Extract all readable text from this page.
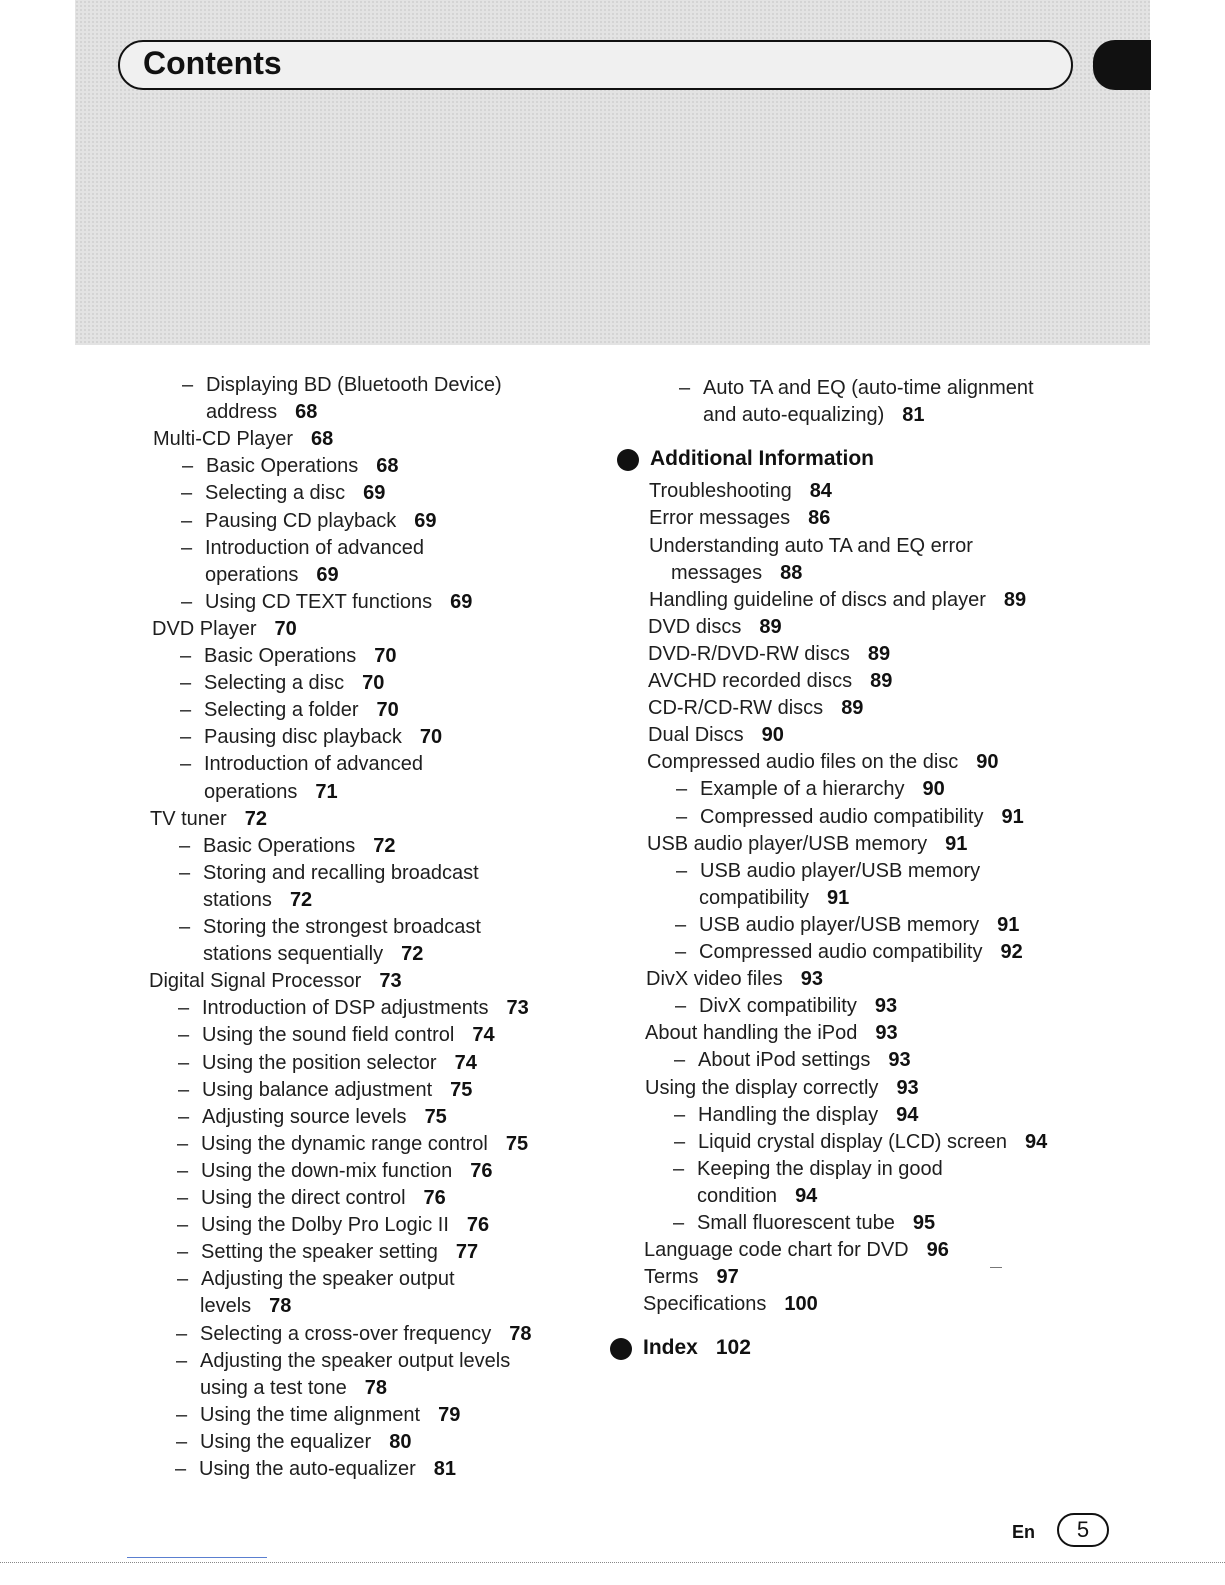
Contents
– Displaying BD (Bluetooth Device)
address 68
Multi-CD Player 68
– Basic Operations 68
– Selecting a disc 69
– Pausing CD playback 69
– Introduction of advanced
operations 69
– Using CD TEXT functions 69
DVD Player 70
– Basic Operations 70
– Selecting a disc 70
– Selecting a folder 70
– Pausing disc playback 70
– Introduction of advanced
operations 71
TV tuner 72
– Basic Operations 72
– Storing and recalling broadcast
stations 72
– Storing the strongest broadcast
stations sequentially 72
Digital Signal Processor 73
– Introduction of DSP adjustments 73
– Using the sound field control 74
– Using the position selector 74
– Using balance adjustment 75
– Adjusting source levels 75
– Using the dynamic range control 75
– Using the down-mix function 76
– Using the direct control 76
– Using the Dolby Pro Logic II 76
– Setting the speaker setting 77
– Adjusting the speaker output
levels 78
– Selecting a cross-over frequency 78
– Adjusting the speaker output levels
using a test tone 78
– Using the time alignment 79
– Using the equalizer 80
– Using the auto-equalizer 81
– Auto TA and EQ (auto-time alignment
and auto-equalizing) 81
Additional Information
Troubleshooting 84
Error messages 86
Understanding auto TA and EQ error
messages 88
Handling guideline of discs and player 89
DVD discs 89
DVD-R/DVD-RW discs 89
AVCHD recorded discs 89
CD-R/CD-RW discs 89
Dual Discs 90
Compressed audio files on the disc 90
– Example of a hierarchy 90
– Compressed audio compatibility 91
USB audio player/USB memory 91
– USB audio player/USB memory
compatibility 91
– USB audio player/USB memory 91
– Compressed audio compatibility 92
DivX video files 93
– DivX compatibility 93
About handling the iPod 93
– About iPod settings 93
Using the display correctly 93
– Handling the display 94
– Liquid crystal display (LCD) screen 94
– Keeping the display in good
condition 94
– Small fluorescent tube 95
Language code chart for DVD 96
Terms 97
Specifications 100
Index 102
En	5
